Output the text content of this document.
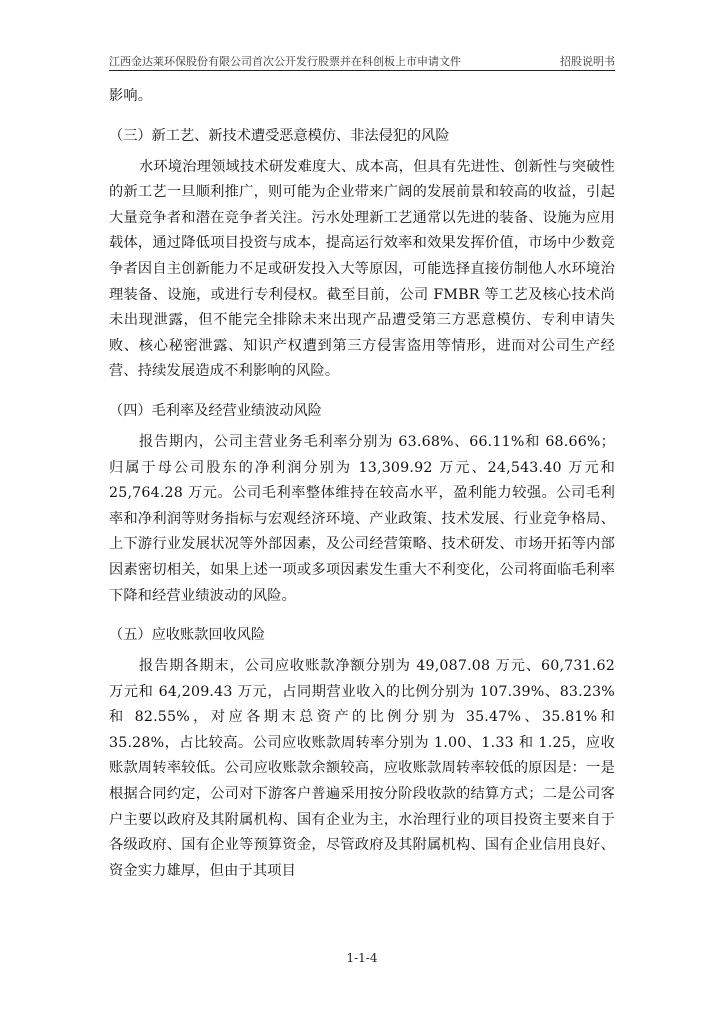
江西金达莱环保股份有限公司首次公开发行股票并在科创板上市申请文件	招股说明书

影响。

（三）新工艺、新技术遭受恶意模仿、非法侵犯的风险

水环境治理领域技术研发难度大、成本高，但具有先进性、创新性与突破性的新工艺一旦顺利推广，则可能为企业带来广阔的发展前景和较高的收益，引起大量竞争者和潜在竞争者关注。污水处理新工艺通常以先进的装备、设施为应用载体，通过降低项目投资与成本，提高运行效率和效果发挥价值，市场中少数竞争者因自主创新能力不足或研发投入大等原因，可能选择直接仿制他人水环境治理装备、设施，或进行专利侵权。截至目前，公司 FMBR 等工艺及核心技术尚未出现泄露，但不能完全排除未来出现产品遭受第三方恶意模仿、专利申请失败、核心秘密泄露、知识产权遭到第三方侵害盗用等情形，进而对公司生产经营、持续发展造成不利影响的风险。

（四）毛利率及经营业绩波动风险

报告期内，公司主营业务毛利率分别为 63.68%、66.11%和 68.66%；归属于母公司股东的净利润分别为 13,309.92 万元、24,543.40 万元和 25,764.28 万元。公司毛利率整体维持在较高水平，盈利能力较强。公司毛利率和净利润等财务指标与宏观经济环境、产业政策、技术发展、行业竞争格局、上下游行业发展状况等外部因素，及公司经营策略、技术研发、市场开拓等内部因素密切相关，如果上述一项或多项因素发生重大不利变化，公司将面临毛利率下降和经营业绩波动的风险。

（五）应收账款回收风险

报告期各期末，公司应收账款净额分别为 49,087.08 万元、60,731.62 万元和 64,209.43 万元，占同期营业收入的比例分别为 107.39%、83.23%和 82.55%，对应各期末总资产的比例分别为 35.47%、35.81%和 35.28%，占比较高。公司应收账款周转率分别为 1.00、1.33 和 1.25，应收账款周转率较低。公司应收账款余额较高，应收账款周转率较低的原因是：一是根据合同约定，公司对下游客户普遍采用按分阶段收款的结算方式；二是公司客户主要以政府及其附属机构、国有企业为主，水治理行业的项目投资主要来自于各级政府、国有企业等预算资金，尽管政府及其附属机构、国有企业信用良好、资金实力雄厚，但由于其项目

1-1-4
